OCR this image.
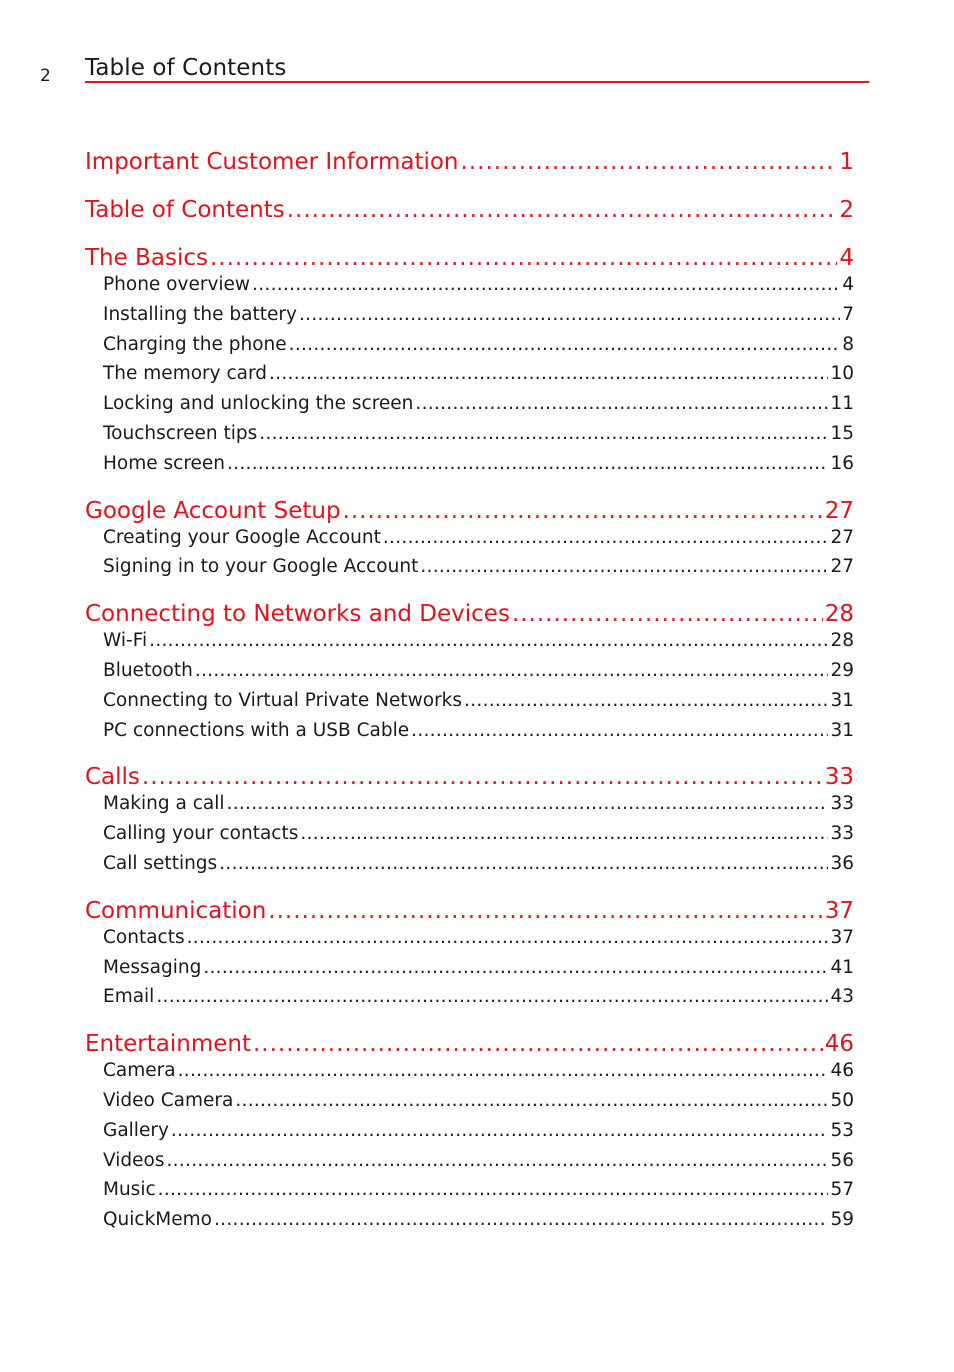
2 Table of Contents
Important Customer Information .....	1
Table of Contents .....	2
The Basics .....	4
Phone overview .....	4
Installing the battery .....	7
Charging the phone .....	8
The memory card .....	10
Locking and unlocking the screen .....	11
Touchscreen tips .....	15
Home screen .....	16
Google Account Setup .....	27
Creating your Google Account .....	27
Signing in to your Google Account .....	27
Connecting to Networks and Devices .....	28
Wi-Fi .....	28
Bluetooth .....	29
Connecting to Virtual Private Networks .....	31
PC connections with a USB Cable .....	31
Calls .....	33
Making a call .....	33
Calling your contacts .....	33
Call settings .....	36
Communication .....	37
Contacts .....	37
Messaging .....	41
Email .....	43
Entertainment .....	46
Camera .....	46
Video Camera .....	50
Gallery .....	53
Videos .....	56
Music .....	57
QuickMemo .....	59
